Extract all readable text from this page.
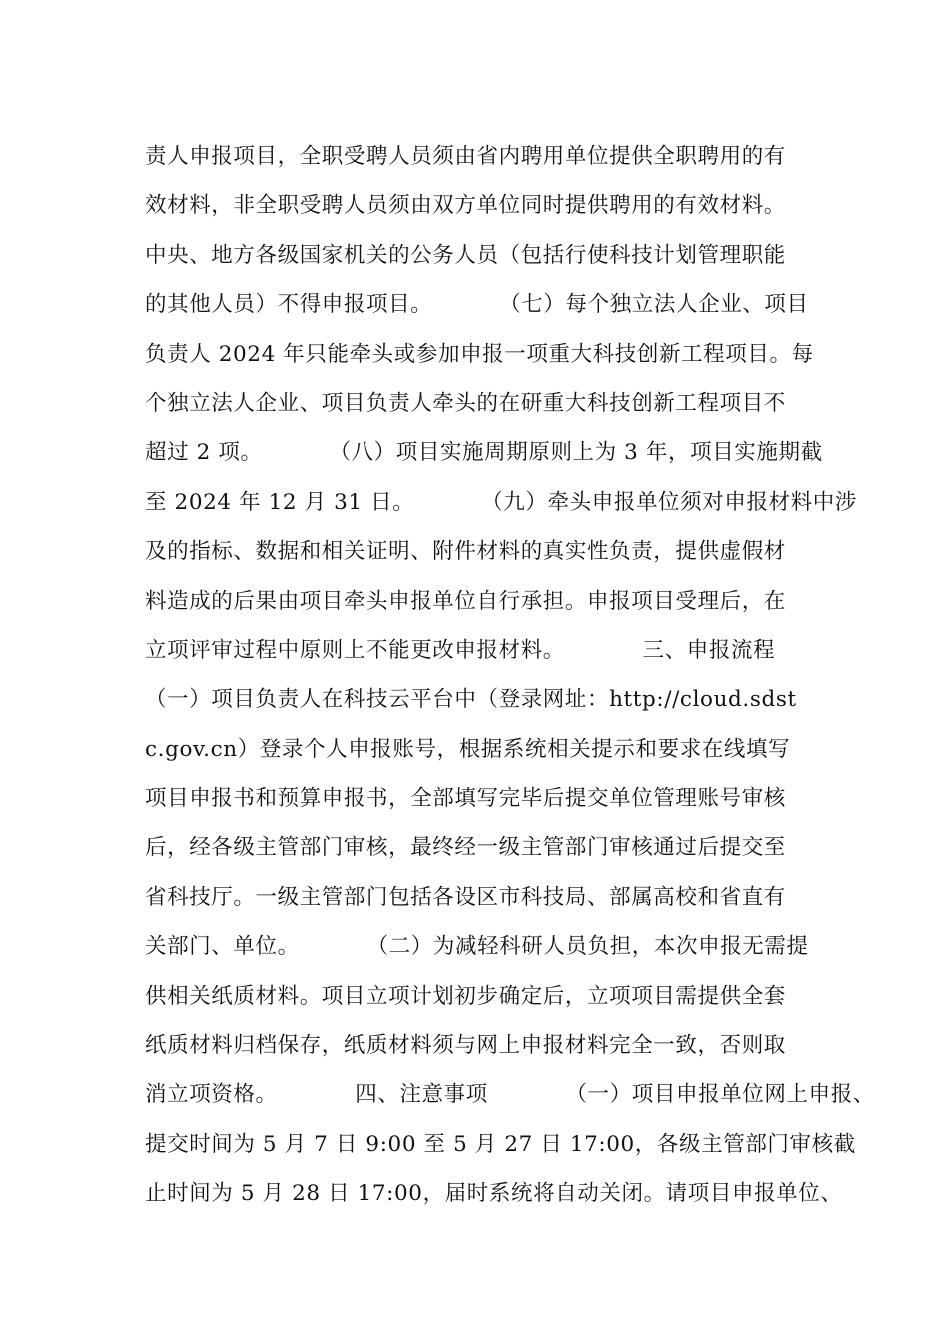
责人申报项目，全职受聘人员须由省内聘用单位提供全职聘用的有
效材料，非全职受聘人员须由双方单位同时提供聘用的有效材料。
中央、地方各级国家机关的公务人员（包括行使科技计划管理职能
的其他人员）不得申报项目。　　　　（七）每个独立法人企业、项目
负责人 2024 年只能牵头或参加申报一项重大科技创新工程项目。每
个独立法人企业、项目负责人牵头的在研重大科技创新工程项目不
超过 2 项。　　　　（八）项目实施周期原则上为 3 年，项目实施期截
至 2024 年 12 月 31 日。　　　　（九）牵头申报单位须对申报材料中涉
及的指标、数据和相关证明、附件材料的真实性负责，提供虚假材
料造成的后果由项目牵头申报单位自行承担。申报项目受理后，在
立项评审过程中原则上不能更改申报材料。　　　　三、申报流程
（一）项目负责人在科技云平台中（登录网址：http://cloud.sdst
c.gov.cn）登录个人申报账号，根据系统相关提示和要求在线填写
项目申报书和预算申报书，全部填写完毕后提交单位管理账号审核
后，经各级主管部门审核，最终经一级主管部门审核通过后提交至
省科技厅。一级主管部门包括各设区市科技局、部属高校和省直有
关部门、单位。　　　　（二）为减轻科研人员负担，本次申报无需提
供相关纸质材料。项目立项计划初步确定后，立项项目需提供全套
纸质材料归档保存，纸质材料须与网上申报材料完全一致，否则取
消立项资格。　　　　四、注意事项　　　　（一）项目申报单位网上申报、
提交时间为 5 月 7 日 9:00 至 5 月 27 日 17:00，各级主管部门审核截
止时间为 5 月 28 日 17:00，届时系统将自动关闭。请项目申报单位、
